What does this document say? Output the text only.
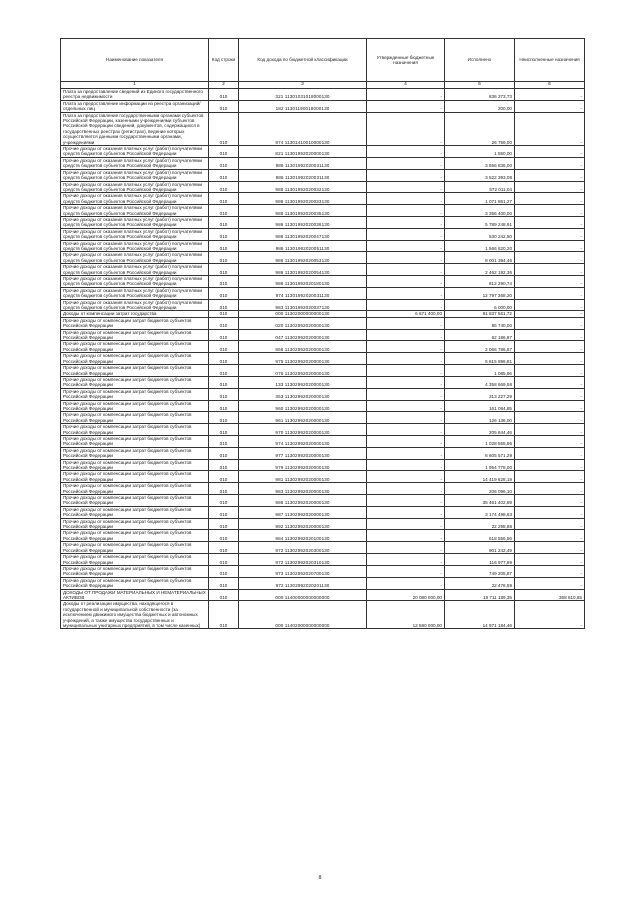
Наименование показателя	Код строки	Код дохода по бюджетной классификации	Утвержденные бюджетные назначения	Исполнено	Неисполненные назначения
1	2	3	4	5	6
Плата за предоставление сведений из Единого государственного реестра недвижимости	010	321 11301031018000130	-	836 373,73	-
Плата за предоставление информации из реестра организаций/отдельных лиц	010	182 11301190018000130	-	200,00	-
Плата за предоставление государственными органами субъектов Российской Федерации, казенными учреждениями субъектов Российской Федерации сведений, документов, содержащихся в государственных реестрах (регистрах), ведение которых осуществляется данными государственными органами, учреждениями	010	974 11301410010000130	-	26 759,00	-
Прочие доходы от оказания платных услуг (работ) получателями средств бюджетов субъектов Российской Федерации	010	821 11301992020000130	-	1 550,00	-
Прочие доходы от оказания платных услуг (работ) получателями средств бюджетов субъектов Российской Федерации	010	986 11301992020031130	-	3 656 836,00	-
Прочие доходы от оказания платных услуг (работ) получателями средств бюджетов субъектов Российской Федерации	010	986 11301992020031130	-	3 522 393,08	-
Прочие доходы от оказания платных услуг (работ) получателями средств бюджетов субъектов Российской Федерации	010	986 11301992020032130	-	572 011,04	-
Прочие доходы от оказания платных услуг (работ) получателями средств бюджетов субъектов Российской Федерации	010	986 11301992020033130	-	1 071 861,27	-
Прочие доходы от оказания платных услуг (работ) получателями средств бюджетов субъектов Российской Федерации	010	986 11301992020035130	-	3 356 400,00	-
Прочие доходы от оказания платных услуг (работ) получателями средств бюджетов субъектов Российской Федерации	010	986 11301992020036130	-	5 789 248,91	-
Прочие доходы от оказания платных услуг (работ) получателями средств бюджетов субъектов Российской Федерации	010	986 11301992020047130	-	530 242,50	-
Прочие доходы от оказания платных услуг (работ) получателями средств бюджетов субъектов Российской Федерации	010	986 11301992020051130	-	1 566 620,20	-
Прочие доходы от оказания платных услуг (работ) получателями средств бюджетов субъектов Российской Федерации	010	986 11301992020053130	-	8 001 394,46	-
Прочие доходы от оказания платных услуг (работ) получателями средств бюджетов субъектов Российской Федерации	010	986 11301992020054130	-	2 462 192,36	-
Прочие доходы от оказания платных услуг (работ) получателями средств бюджетов субъектов Российской Федерации	010	986 11301992020180130	-	812 290,74	-
Прочие доходы от оказания платных услуг (работ) получателями средств бюджетов субъектов Российской Федерации	010	974 11301992020031130	-	12 797 368,20	-
Прочие доходы от оказания платных услуг (работ) получателями средств бюджетов субъектов Российской Федерации	010	983 11301992020037130	-	6 000,00	-
Доходы от компенсации затрат государства	010	000 11302000000000130	6 671 400,00	81 837 561,72	-
Прочие доходы от компенсации затрат бюджетов субъектов Российской Федерации	010	020 11302992020000130	-	85 740,00	-
Прочие доходы от компенсации затрат бюджетов субъектов Российской Федерации	010	047 11302992020000130	-	62 186,87	-
Прочие доходы от компенсации затрат бюджетов субъектов Российской Федерации	010	866 11302992020000130	-	2 066 786,87	-
Прочие доходы от компенсации затрат бюджетов субъектов Российской Федерации	010	975 11302992020000130	-	6 815 896,81	-
Прочие доходы от компенсации затрат бюджетов субъектов Российской Федерации	010	076 11302992020000130	-	1 085,96	-
Прочие доходы от компенсации затрат бюджетов субъектов Российской Федерации	010	133 11302992020000130	-	4 358 669,58	-
Прочие доходы от компенсации затрат бюджетов субъектов Российской Федерации	010	353 11302992020000130	-	313 227,29	-
Прочие доходы от компенсации затрат бюджетов субъектов Российской Федерации	010	960 11302992020000130	-	161 084,85	-
Прочие доходы от компенсации затрат бюджетов субъектов Российской Федерации	010	961 11302992020000130	-	126 136,00	-
Прочие доходы от компенсации затрат бюджетов субъектов Российской Федерации	010	970 11302992020000130	-	205 844,46	-
Прочие доходы от компенсации затрат бюджетов субъектов Российской Федерации	010	974 11302992020000130	-	1 028 565,86	-
Прочие доходы от компенсации затрат бюджетов субъектов Российской Федерации	010	977 11302992020000130	-	8 605 571,29	-
Прочие доходы от компенсации затрат бюджетов субъектов Российской Федерации	010	979 11302992020000130	-	1 954 778,00	-
Прочие доходы от компенсации затрат бюджетов субъектов Российской Федерации	010	981 11302992020000130	-	14 419 628,19	-
Прочие доходы от компенсации затрат бюджетов субъектов Российской Федерации	010	983 11302992020000130	-	206 096,10	-
Прочие доходы от компенсации затрат бюджетов субъектов Российской Федерации	010	986 11302992020000130	-	35 461 402,69	-
Прочие доходы от компенсации затрат бюджетов субъектов Российской Федерации	010	987 11302992020000130	-	3 174 498,63	-
Прочие доходы от компенсации затрат бюджетов субъектов Российской Федерации	010	992 11302992020000130	-	22 298,88	-
Прочие доходы от компенсации затрат бюджетов субъектов Российской Федерации	010	984 11302992020100130	-	618 556,56	-
Прочие доходы от компенсации затрат бюджетов субъектов Российской Федерации	010	972 11302992020300130	-	901 242,49	-
Прочие доходы от компенсации затрат бюджетов субъектов Российской Федерации	010	972 11302992020310130	-	116 977,89	-
Прочие доходы от компенсации затрат бюджетов субъектов Российской Федерации	010	973 11302992020700130	-	749 205,87	-
Прочие доходы от компенсации затрат бюджетов субъектов Российской Федерации	010	972 11302992020201130	-	22 476,59	-
ДОХОДЫ ОТ ПРОДАЖИ МАТЕРИАЛЬНЫХ И НЕМАТЕРИАЛЬНЫХ АКТИВОВ	010	000 11400000000000000	20 080 000,00	19 711 189,35	368 810,65
Доходы от реализации имущества, находящегося в государственной и муниципальной собственности (за исключением движимого имущества бюджетных и автономных учреждений, а также имущества государственных и муниципальных унитарных предприятий, в том числе казенных)	010	000 11402000000000000	12 580 000,00	14 971 184,46	-
8
